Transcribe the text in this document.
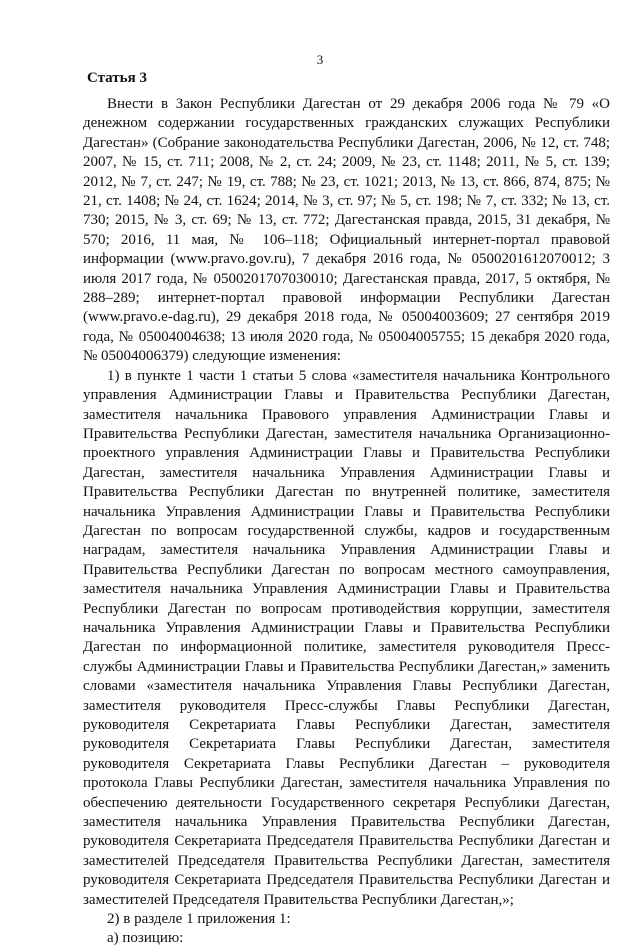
3
Статья 3

Внести в Закон Республики Дагестан от 29 декабря 2006 года № 79 «О денежном содержании государственных гражданских служащих Республики Дагестан» (Собрание законодательства Республики Дагестан, 2006, № 12, ст. 748; 2007, № 15, ст. 711; 2008, № 2, ст. 24; 2009, № 23, ст. 1148; 2011, № 5, ст. 139; 2012, № 7, ст. 247; № 19, ст. 788; № 23, ст. 1021; 2013, № 13, ст. 866, 874, 875; № 21, ст. 1408; № 24, ст. 1624; 2014, № 3, ст. 97; № 5, ст. 198; № 7, ст. 332; № 13, ст. 730; 2015, № 3, ст. 69; № 13, ст. 772; Дагестанская правда, 2015, 31 декабря, № 570; 2016, 11 мая, № 106–118; Официальный интернет-портал правовой информации (www.pravo.gov.ru), 7 декабря 2016 года, № 0500201612070012; 3 июля 2017 года, № 0500201707030010; Дагестанская правда, 2017, 5 октября, № 288–289; интернет-портал правовой информации Республики Дагестан (www.pravo.e-dag.ru), 29 декабря 2018 года, № 05004003609; 27 сентября 2019 года, № 05004004638; 13 июля 2020 года, № 05004005755; 15 декабря 2020 года, № 05004006379) следующие изменения:

1) в пункте 1 части 1 статьи 5 слова «заместителя начальника Контрольного управления Администрации Главы и Правительства Республики Дагестан, заместителя начальника Правового управления Администрации Главы и Правительства Республики Дагестан, заместителя начальника Организационно-проектного управления Администрации Главы и Правительства Республики Дагестан, заместителя начальника Управления Администрации Главы и Правительства Республики Дагестан по внутренней политике, заместителя начальника Управления Администрации Главы и Правительства Республики Дагестан по вопросам государственной службы, кадров и государственным наградам, заместителя начальника Управления Администрации Главы и Правительства Республики Дагестан по вопросам местного самоуправления, заместителя начальника Управления Администрации Главы и Правительства Республики Дагестан по вопросам противодействия коррупции, заместителя начальника Управления Администрации Главы и Правительства Республики Дагестан по информационной политике, заместителя руководителя Пресс-службы Администрации Главы и Правительства Республики Дагестан,» заменить словами «заместителя начальника Управления Главы Республики Дагестан, заместителя руководителя Пресс-службы Главы Республики Дагестан, руководителя Секретариата Главы Республики Дагестан, заместителя руководителя Секретариата Главы Республики Дагестан, заместителя руководителя Секретариата Главы Республики Дагестан – руководителя протокола Главы Республики Дагестан, заместителя начальника Управления по обеспечению деятельности Государственного секретаря Республики Дагестан, заместителя начальника Управления Правительства Республики Дагестан, руководителя Секретариата Председателя Правительства Республики Дагестан и заместителей Председателя Правительства Республики Дагестан, заместителя руководителя Секретариата Председателя Правительства Республики Дагестан и заместителей Председателя Правительства Республики Дагестан,»;

2) в разделе 1 приложения 1:

а) позицию:
